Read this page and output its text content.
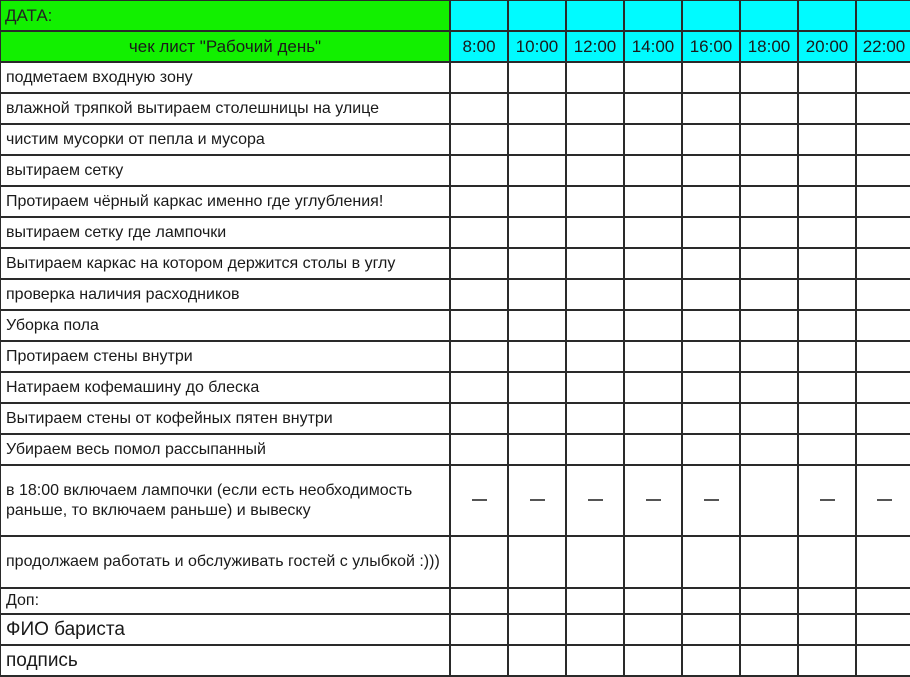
ДАТА:								
чек лист "Рабочий день"	8:00	10:00	12:00	14:00	16:00	18:00	20:00	22:00
подметаем входную зону								
влажной тряпкой вытираем столешницы на улице								
чистим мусорки от пепла и мусора								
вытираем сетку								
Протираем чёрный каркас именно где углубления!								
вытираем сетку где лампочки								
Вытираем каркас на котором держится столы в углу								
проверка наличия расходников								
Уборка пола								
Протираем стены внутри								
Натираем кофемашину до блеска								
Вытираем стены от кофейных пятен внутри								
Убираем весь помол рассыпанный								
в 18:00 включаем лампочки (если есть необходимость раньше, то включаем раньше) и вывеску								
продолжаем работать и обслуживать гостей с улыбкой :)))								
Доп:								
ФИО бариста								
подпись								
